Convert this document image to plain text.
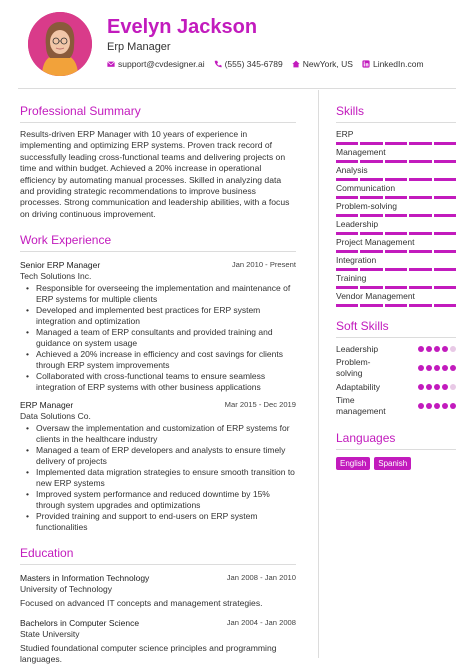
Evelyn Jackson
Erp Manager
support@cvdesigner.ai (555) 345-6789 NewYork, US LinkedIn.com
Professional Summary
Results-driven ERP Manager with 10 years of experience in implementing and optimizing ERP systems. Proven track record of successfully leading cross-functional teams and delivering projects on time and within budget. Achieved a 20% increase in operational efficiency by automating manual processes. Skilled in analyzing data and providing strategic recommendations to improve business processes. Strong communication and leadership abilities, with a focus on driving continuous improvement.
Work Experience
Senior ERP Manager	Jan 2010 - Present
Tech Solutions Inc.
• Responsible for overseeing the implementation and maintenance of ERP systems for multiple clients
• Developed and implemented best practices for ERP system integration and optimization
• Managed a team of ERP consultants and provided training and guidance on system usage
• Achieved a 20% increase in efficiency and cost savings for clients through ERP system improvements
• Collaborated with cross-functional teams to ensure seamless integration of ERP systems with other business applications
ERP Manager	Mar 2015 - Dec 2019
Data Solutions Co.
• Oversaw the implementation and customization of ERP systems for clients in the healthcare industry
• Managed a team of ERP developers and analysts to ensure timely delivery of projects
• Implemented data migration strategies to ensure smooth transition to new ERP systems
• Improved system performance and reduced downtime by 15% through system upgrades and optimizations
• Provided training and support to end-users on ERP system functionalities
Education
Masters in Information Technology	Jan 2008 - Jan 2010
University of Technology
Focused on advanced IT concepts and management strategies.
Bachelors in Computer Science	Jan 2004 - Jan 2008
State University
Studied foundational computer science principles and programming languages.
Skills
ERP
Management
Analysis
Communication
Problem-solving
Leadership
Project Management
Integration
Training
Vendor Management
Soft Skills
Leadership
Problem-solving
Adaptability
Time management
Languages
English	Spanish
